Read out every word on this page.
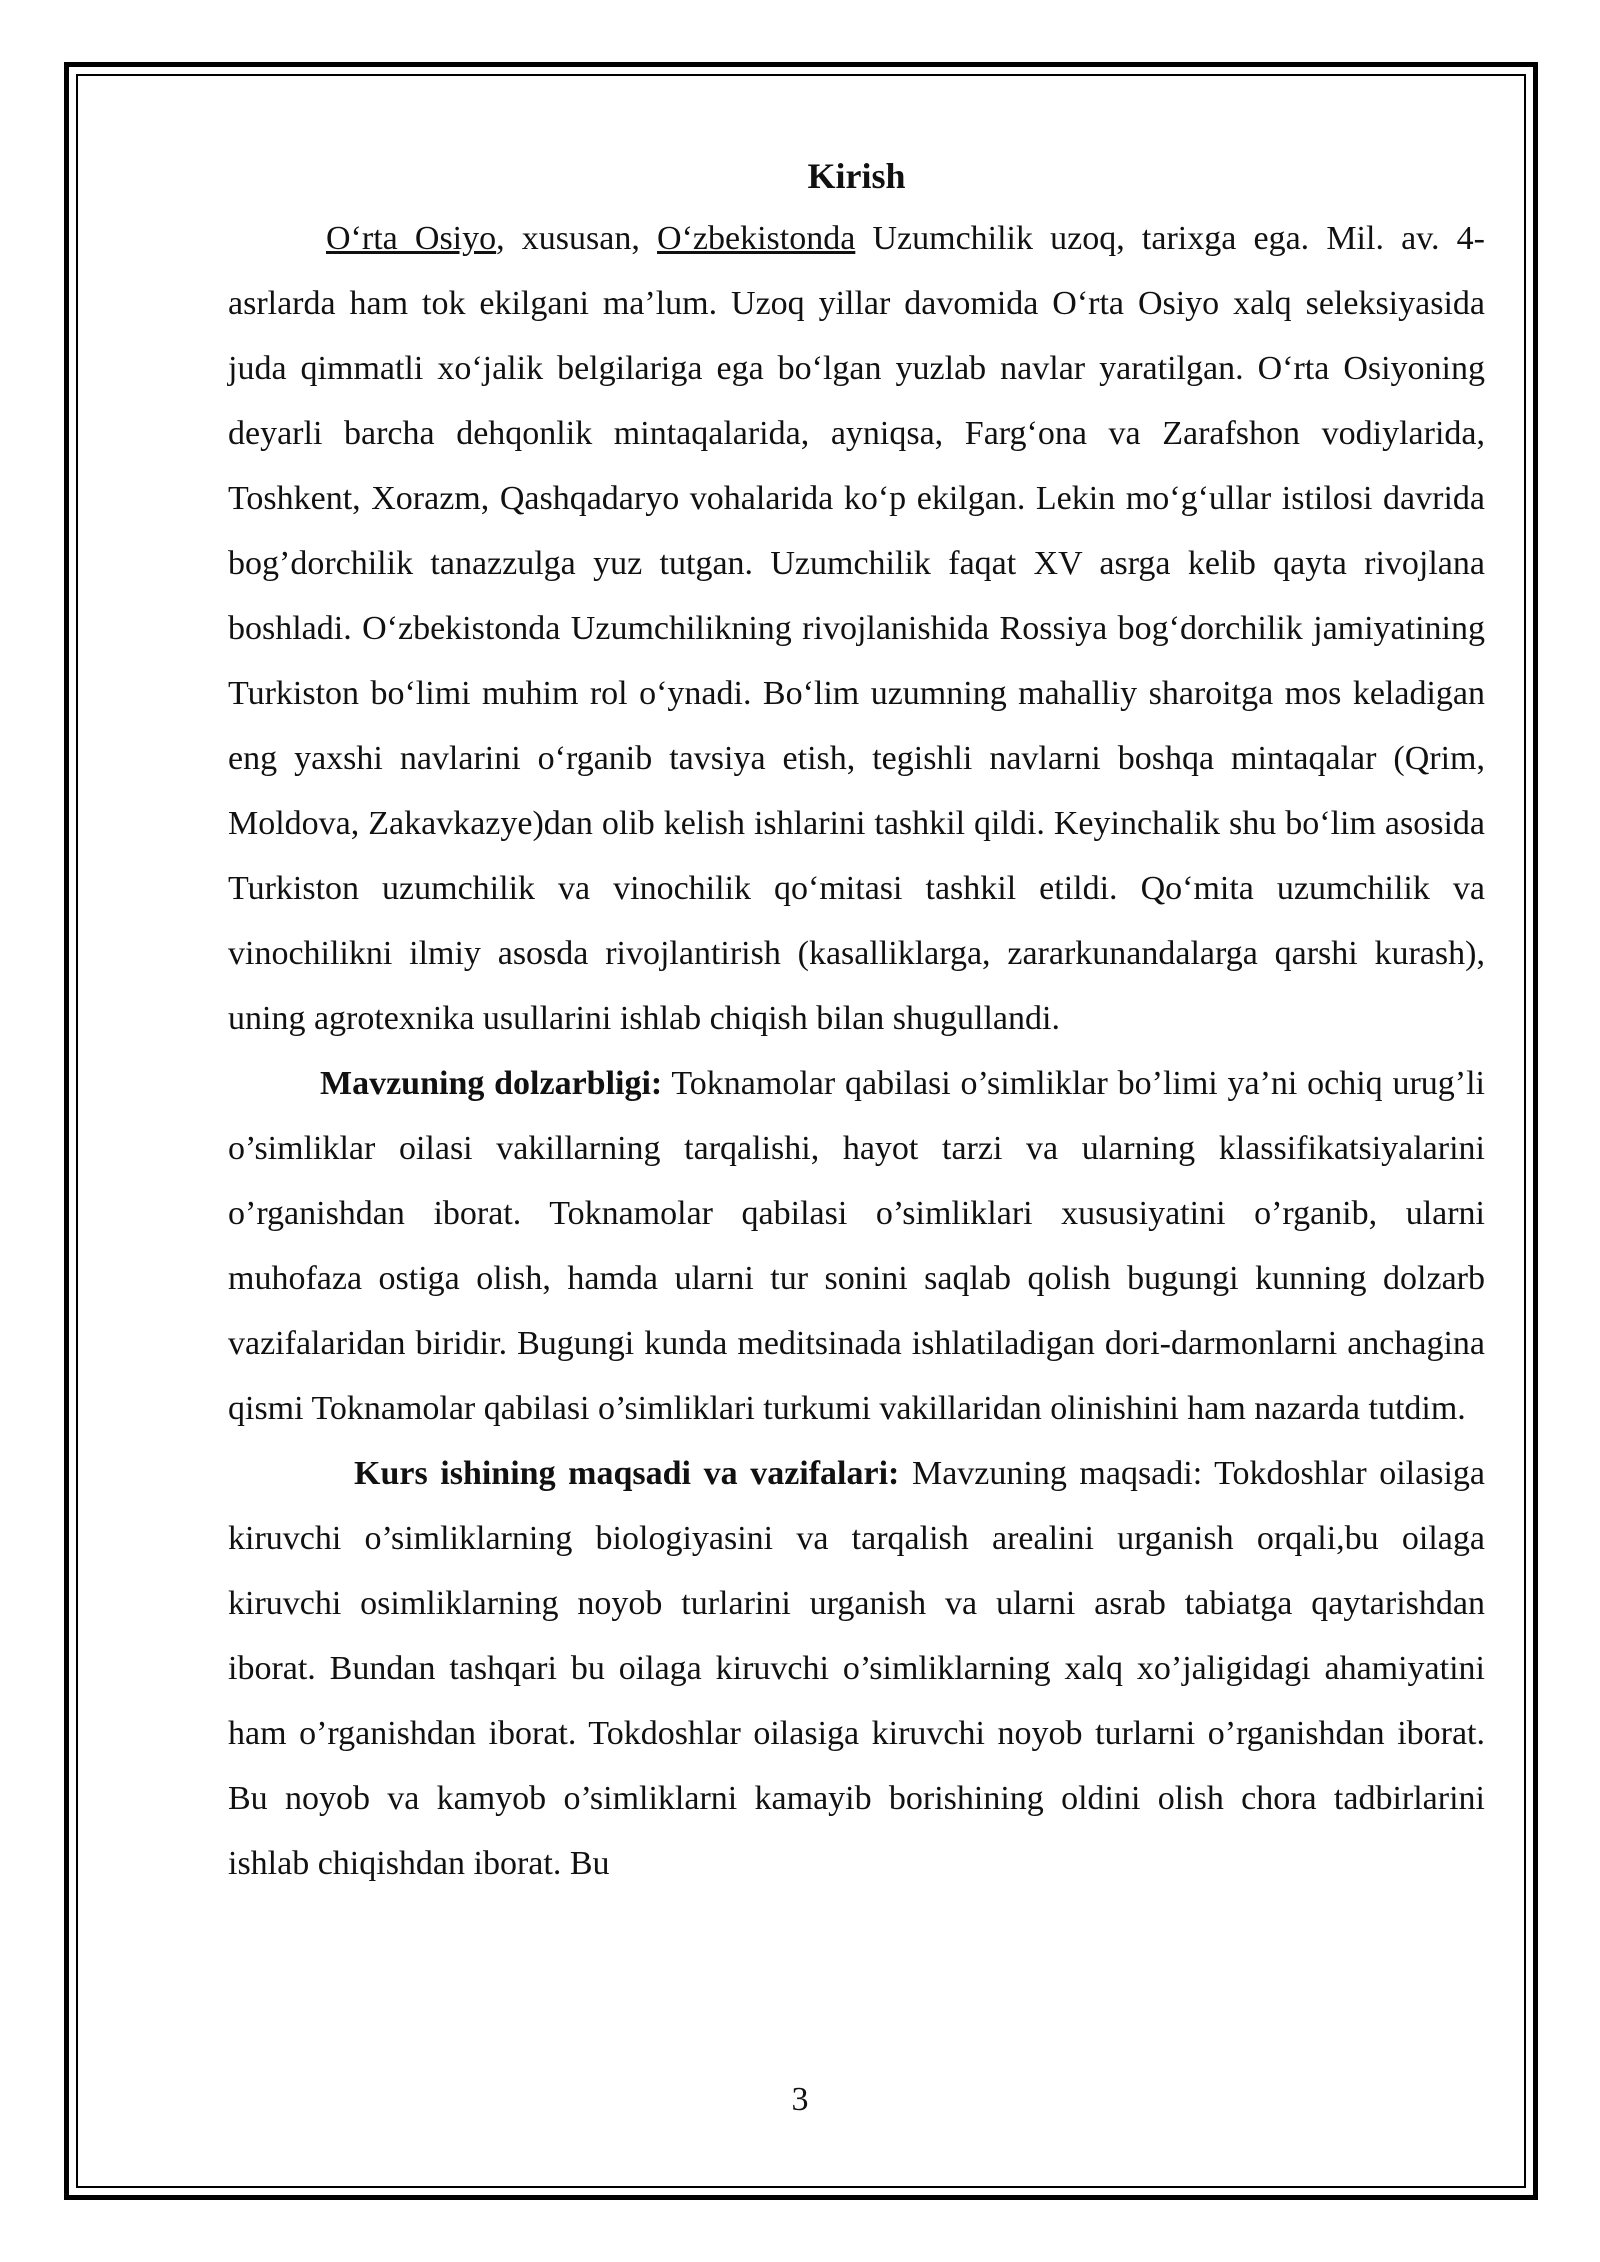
Kirish

O‘rta Osiyo, xususan, O‘zbekistonda Uzumchilik uzoq, tarixga ega. Mil. av. 4-asrlarda ham tok ekilgani ma’lum. Uzoq yillar davomida O‘rta Osiyo xalq seleksiyasida juda qimmatli xo‘jalik belgilariga ega bo‘lgan yuzlab navlar yaratilgan. O‘rta Osiyoning deyarli barcha dehqonlik mintaqalarida, ayniqsa, Farg‘ona va Zarafshon vodiylarida, Toshkent, Xorazm, Qashqadaryo vohalarida ko‘p ekilgan. Lekin mo‘g‘ullar istilosi davrida bog’dorchilik tanazzulga yuz tutgan. Uzumchilik faqat XV asrga kelib qayta rivojlana boshladi. O‘zbekistonda Uzumchilikning rivojlanishida Rossiya bog‘dorchilik jamiyatining Turkiston bo‘limi muhim rol o‘ynadi. Bo‘lim uzumning mahalliy sharoitga mos keladigan eng yaxshi navlarini o‘rganib tavsiya etish, tegishli navlarni boshqa mintaqalar (Qrim, Moldova, Zakavkazye)dan olib kelish ishlarini tashkil qildi. Keyinchalik shu bo‘lim asosida Turkiston uzumchilik va vinochilik qo‘mitasi tashkil etildi. Qo‘mita uzumchilik va vinochilikni ilmiy asosda rivojlantirish (kasalliklarga, zararkunandalarga qarshi kurash), uning agrotexnika usullarini ishlab chiqish bilan shugullandi.

Mavzuning dolzarbligi: Toknamolar qabilasi o’simliklar bo’limi ya’ni ochiq urug’li o’simliklar oilasi vakillarning tarqalishi, hayot tarzi va ularning klassifikatsiyalarini o’rganishdan iborat. Toknamolar qabilasi o’simliklari xususiyatini o’rganib, ularni muhofaza ostiga olish, hamda ularni tur sonini saqlab qolish bugungi kunning dolzarb vazifalaridan biridir. Bugungi kunda meditsinada ishlatiladigan dori-darmonlarni anchagina qismi Toknamolar qabilasi o’simliklari turkumi vakillaridan olinishini ham nazarda tutdim.

Kurs ishining maqsadi va vazifalari: Mavzuning maqsadi: Tokdoshlar oilasiga kiruvchi o’simliklarning biologiyasini va tarqalish arealini urganish orqali,bu oilaga kiruvchi osimliklarning noyob turlarini urganish va ularni asrab tabiatga qaytarishdan iborat. Bundan tashqari bu oilaga kiruvchi o’simliklarning xalq xo’jaligidagi ahamiyatini ham o’rganishdan iborat. Tokdoshlar oilasiga kiruvchi noyob turlarni o’rganishdan iborat. Bu noyob va kamyob o’simliklarni kamayib borishining oldini olish chora tadbirlarini ishlab chiqishdan iborat. Bu

3
